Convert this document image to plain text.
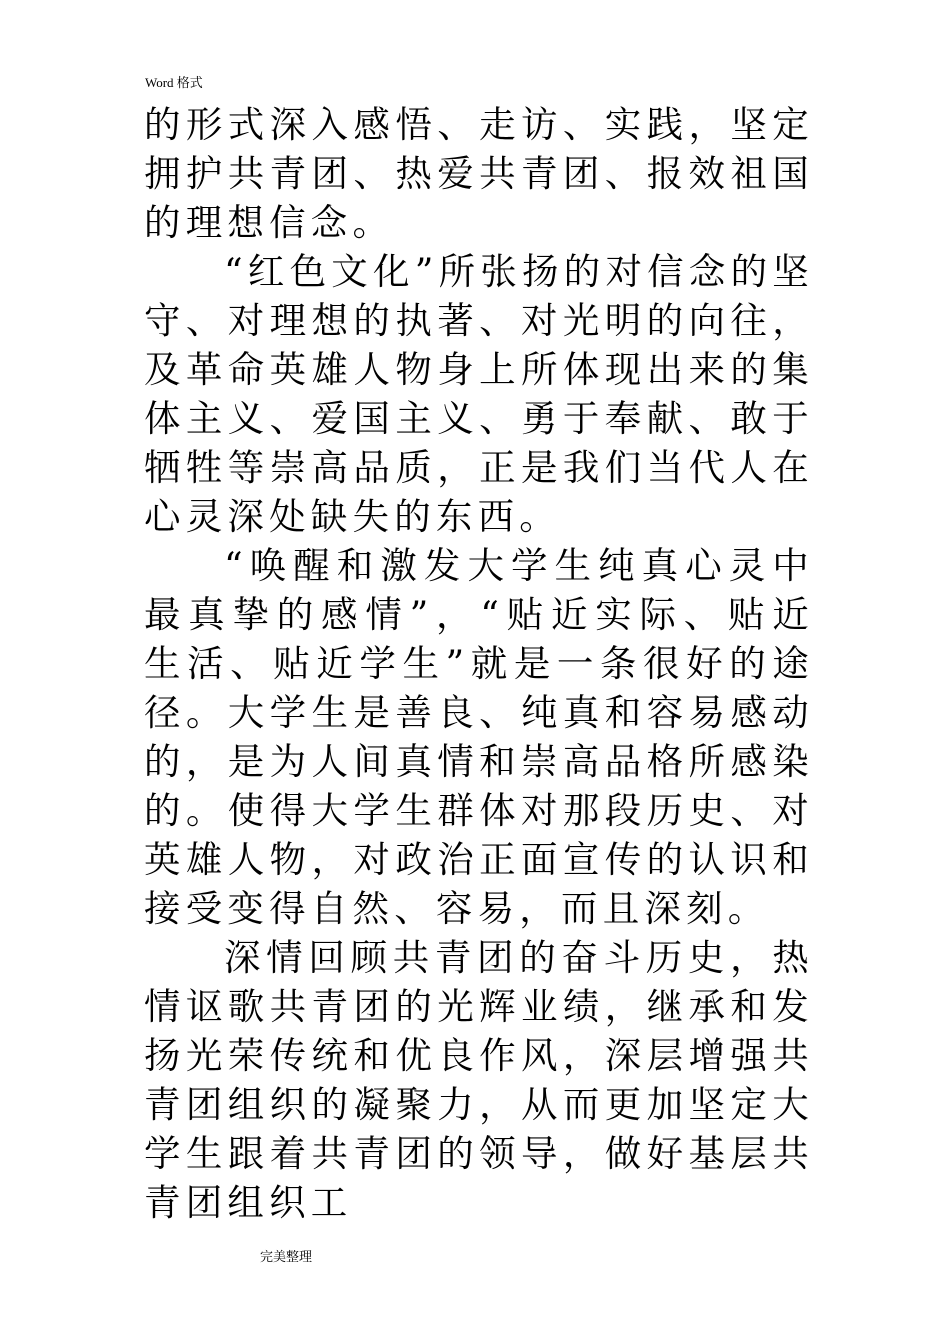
Word 格式

的形式深入感悟、走访、实践，坚定拥护共青团、热爱共青团、报效祖国的理想信念。

“红色文化”所张扬的对信念的坚守、对理想的执著、对光明的向往，及革命英雄人物身上所体现出来的集体主义、爱国主义、勇于奉献、敢于牺牲等崇高品质，正是我们当代人在心灵深处缺失的东西。

“唤醒和激发大学生纯真心灵中最真挚的感情”，“贴近实际、贴近生活、贴近学生”就是一条很好的途径。大学生是善良、纯真和容易感动的，是为人间真情和崇高品格所感染的。使得大学生群体对那段历史、对英雄人物，对政治正面宣传的认识和接受变得自然、容易，而且深刻。

深情回顾共青团的奋斗历史，热情讴歌共青团的光辉业绩，继承和发扬光荣传统和优良作风，深层增强共青团组织的凝聚力，从而更加坚定大学生跟着共青团的领导，做好基层共青团组织工

完美整理
